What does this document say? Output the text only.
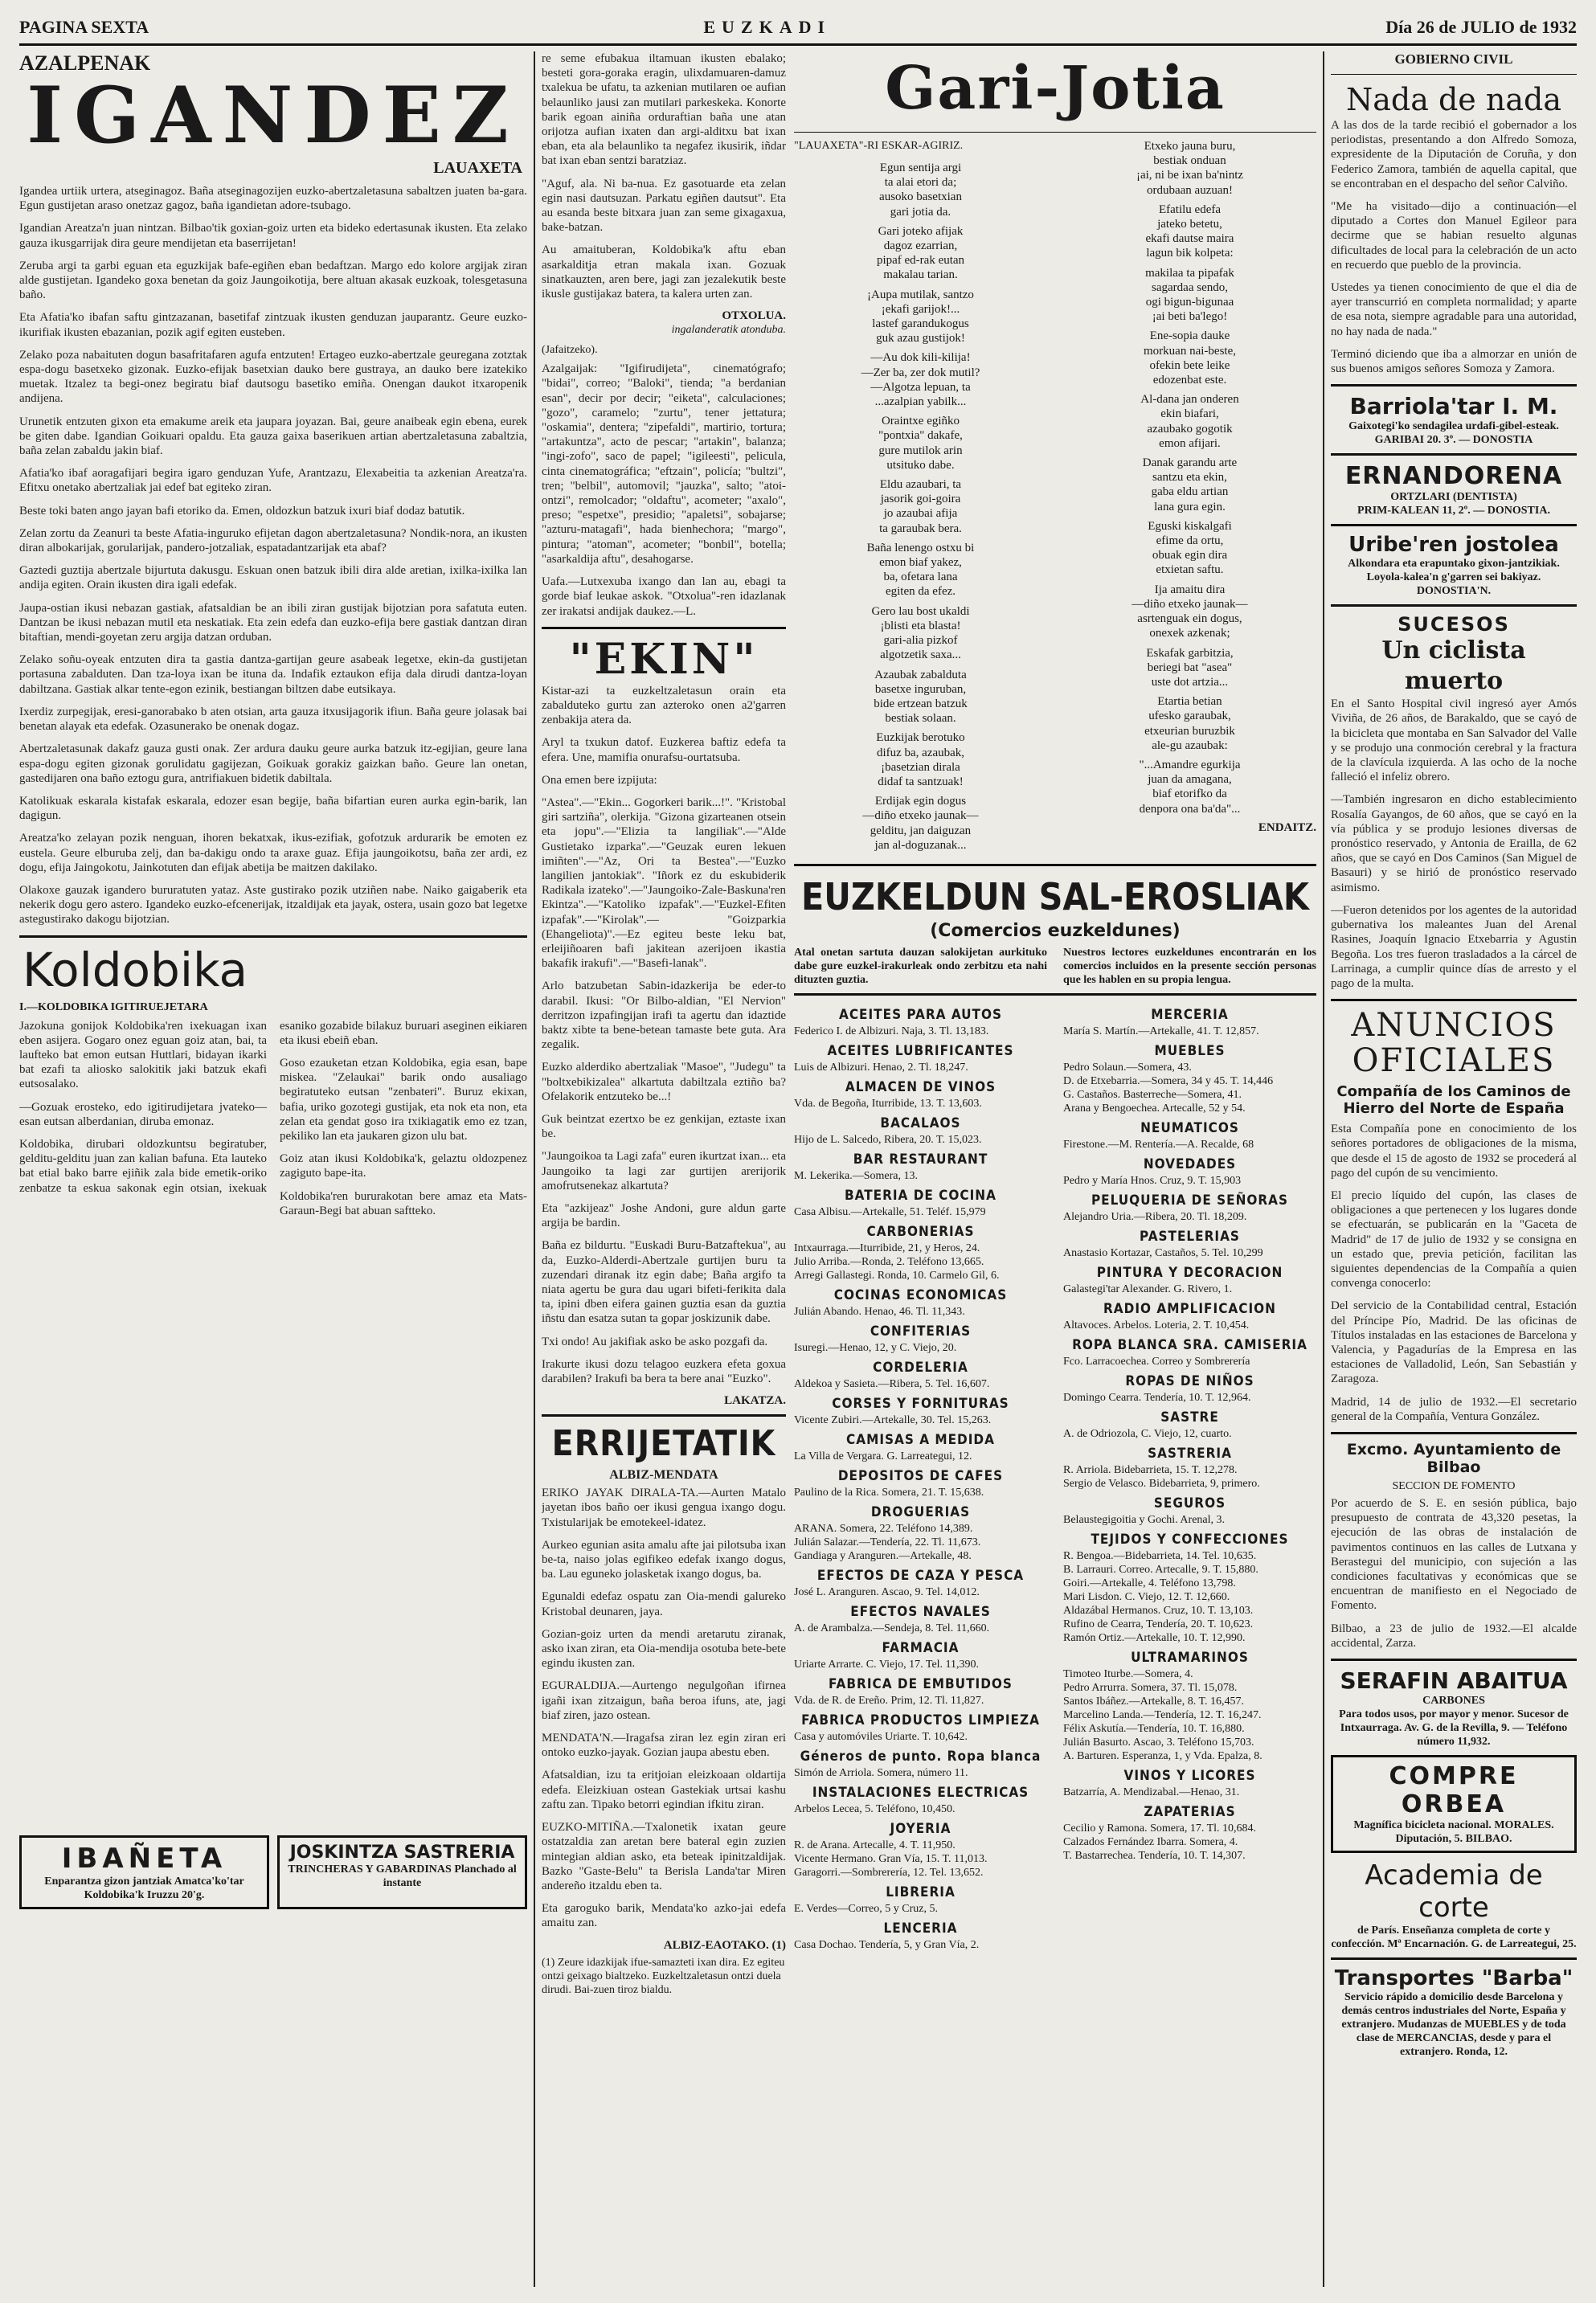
PAGINA SEXTA	EUZKADI	Día 26 de JULIO de 1932
AZALPENAK
IGANDEZ
LAUAXETA

Igandea urtiik urtera, atseginagoz. Baña atseginagozijen euzko-abertzaletasuna sabaltzen juaten ba-gara. Egun gustijetan araso onetzaz gagoz, baña igandietan adore-tsubago.

Igandian Areatza'n juan nintzan. Bilbao'tik goxian-goiz urten eta bideko edertasunak ikusten. Eta zelako gauza ikusgarrijak dira geure mendijetan eta baserrijetan!

Zeruba argi ta garbi eguan eta eguzkijak bafe-egiñen eban bedaftzan. Margo edo kolore argijak ziran alde gustijetan. Igandeko goxa benetan da goiz Jaungoikotija, bere altuan akasak euzkoak, tolesgetasuna baño.

Eta Afatia'ko ibafan saftu gintzazanan, basetifaf zintzuak ikusten genduzan jauparantz. Geure euzko-ikurifiak ikusten ebazanian, pozik agif egiten eusteben.

Zelako poza nabaituten dogun basafritafaren agufa entzuten! Ertageo euzko-abertzale geuregana zotztak espa-dogu basetxeko gizonak. Euzko-efijak basetxian dauko bere gustraya, an dauko bere izatekiko muetak. Itzalez ta begi-onez begiratu biaf dautsogu basetiko emiña. Onengan daukot itxaropenik andijena.

Urunetik entzuten gixon eta emakume areik eta jaupara joyazan. Bai, geure anaibeak egin ebena, eurek be giten dabe. Igandian Goikuari opaldu. Eta gauza gaixa baserikuen artian abertzaletasuna zabaltzia, baña zelan zabaldu jakin biaf.

Afatia'ko ibaf aoragafijari begira igaro genduzan Yufe, Arantzazu, Elexabeitia ta azkenian Areatza'ra. Efitxu onetako abertzaliak jai edef bat egiteko ziran.

Beste toki baten ango jayan bafi etoriko da. Emen, oldozkun batzuk ixuri biaf dodaz batutik.

Zelan zortu da Zeanuri ta beste Afatia-inguruko efijetan dagon abertzaletasuna? Nondik-nora, an ikusten diran albokarijak, gorularijak, pandero-jotzaliak, espatadantzarijak eta abaf?

Gaztedi guztija abertzale bijurtuta dakusgu. Eskuan onen batzuk ibili dira alde aretian, ixilka-ixilka lan andija egiten. Orain ikusten dira igali edefak.

Jaupa-ostian ikusi nebazan gastiak, afatsaldian be an ibili ziran gustijak bijotzian pora safatuta euten. Dantzan be ikusi nebazan mutil eta neskatiak. Eta zein edefa dan euzko-efija bere gastiak dantzan diran bitaftian, mendi-goyetan zeru argija datzan orduban.

Zelako soñu-oyeak entzuten dira ta gastia dantza-gartijan geure asabeak legetxe, ekin-da gustijetan portasuna zabalduten. Dan tza-loya ixan be ituna da. Indafik eztaukon efija dala dirudi dantza-loyan dabiltzana. Gastiak alkar tente-egon ezinik, bestiangan biltzen dabe eutsikaya.

Ixerdiz zurpegijak, eresi-ganorabako b aten otsian, arta gauza itxusijagorik ifiun. Baña geure jolasak bai benetan alayak eta edefak. Ozasunerako be onenak dogaz.

Abertzaletasunak dakafz gauza gusti onak. Zer ardura dauku geure aurka batzuk itz-egijian, geure lana espa-dogu egiten gizonak gorulidatu gagijezan, Goikuak gorakiz gaizkan baño. Geure lan onetan, gastedijaren ona baño eztogu gura, antrifiakuen bidetik dabiltala.

Katolikuak eskarala kistafak eskarala, edozer esan begije, baña bifartian euren aurka egin-barik, lan dagigun.

Areatza'ko zelayan pozik nenguan, ihoren bekatxak, ikus-ezifiak, gofotzuk ardurarik be emoten ez eustela. Geure elburuba zelj, dan ba-dakigu ondo ta araxe guaz. Efija jaungoikotsu, baña zer ardi, ez dogu, efija Jaingokotu, Jainkotuten dan efijak abetija be maitzen dakilako.

Olakoxe gauzak igandero bururatuten yataz. Aste gustirako pozik utziñen nabe. Naiko gaigaberik eta nekerik dogu gero astero. Igandeko euzko-efcenerijak, itzaldijak eta jayak, ostera, usain gozo bat legetxe astegustirako dakogu bijotzian.

Koldobika
I.—KOLDOBIKA IGITIRUEJETARA

Jazokuna gonijok Koldobika'ren ixekuagan ixan eben asijera. Gogaro onez eguan goiz atan, bai, ta laufteko bat emon eutsan Huttlari, bidayan ikarki bat ezafi ta aliosko salokitik jaki batzuk ekafi eutsosalako.

—Gozuak erosteko, edo igitirudijetara jvateko—esan eutsan alberdanian, diruba emonaz.

Koldobika, dirubari oldozkuntsu begiratuber, gelditu-gelditu juan zan kalian bafuna. Eta lauteko bat etial bako barre ejiñik zala bide emetik-oriko zenbatze ta eskua sakonak egin otsian, ixekuak esaniko gozabide bilakuz buruari aseginen eikiaren eta ikusi ebeiñ eban.

Goso ezauketan etzan Koldobika, egia esan, bape miskea. "Zelaukai" barik ondo ausaliago begiratuteko eutsan "zenbateri". Buruz ekixan, bafia, uriko gozotegi gustijak, eta nok eta non, eta zelan eta gendat goso ira txikiagatik emo ez tzan, pekiliko lan eta jaukaren gizon ulu bat.

Goiz atan ikusi Koldobika'k, gelaztu oldozpenez zagiguto bape-ita.

Koldobika'ren bururakotan bere amaz eta Mats-Garaun-Begi bat abuan saftteko.

IBAÑETA
Enparantza gizon jantziak Amatca'ko'tar Koldobika'k Iruzzu 20'g.
JOSKINTZA SASTRERIA
TRINCHERAS Y GABARDINAS Planchado al instante

re seme efubakua iltamuan ikusten ebalako; besteti gora-goraka eragin, ulixdamuaren-damuz txalekua be ufatu, ta azkenian mutilaren oe aufian belaunliko jausi zan mutilari parkeskeka. Konorte barik egoan ainiña orduraftian baña une atan orijotza aufian ixaten dan argi-alditxu bat ixan eban, eta ala belaunliko ta negafez ikusirik, iñdar bat ixan eban sentzi baratziaz.

"Aguf, ala. Ni ba-nua. Ez gasotuarde eta zelan egin nasi dautsuzan. Parkatu egiñen dautsut". Eta au esanda beste bitxara juan zan seme gixagaxua, bake-batzan.

Au amaituberan, Koldobika'k aftu eban asarkalditja etran makala ixan. Gozuak sinatkauzten, aren bere, jagi zan jezalekutik beste ikusle gustijakaz batera, ta kalera urten zan.

OTXOLUA.
ingalanderatik atonduba.
(Jafaitzeko).

Azalgaijak: "Igifirudijeta", cinematógrafo; "bidai", correo; "Baloki", tienda; "a berdanian esan", decir por decir; "eiketa", calculaciones; "gozo", caramelo; "zurtu", tener jettatura; "oskamia", dentera; "zipefaldi", martirio, tortura; "artakuntza", acto de pescar; "artakin", balanza; "ingi-zofo", saco de papel; "igileesti", pelicula, cinta cinematográfica; "eftzain", policía; "bultzi", tren; "belbil", automovil; "jauzka", salto; "atoi-ontzi", remolcador; "oldaftu", acometer; "axalo", preso; "espetxe", presidio; "apaletsi", sobajarse; "azturu-matagafi", hada bienhechora; "margo", pintura; "atoman", acometer; "bonbil", botella; "asarkaldija aftu", desahogarse.

Uafa.—Lutxexuba ixango dan lan au, ebagi ta gorde biaf leukae askok. "Otxolua"-ren idazlanak zer irakatsi andijak daukez.—L.

"EKIN"

Kistar-azi ta euzkeltzaletasun orain eta zabalduteko gurtu zan azteroko onen a2'garren zenbakija atera da.

Aryl ta txukun datof. Euzkerea baftiz edefa ta efera. Une, mamifia onurafsu-ourtatsuba.

Ona emen bere izpijuta:

"Astea".—"Ekin... Gogorkeri barik...!". "Kristobal giri sartziña", olerkija. "Gizona gizarteanen otsein eta jopu".—"Elizia ta langiliak".—"Alde Gustietako izparka".—"Geuzak euren lekuen imiñten".—"Az, Ori ta Bestea".—"Euzko langilien jantokiak". "Iñork ez du eskubiderik Radikala izateko".—"Jaungoiko-Zale-Baskuna'ren Ekintza".—"Katoliko izpafak".—"Euzkel-Efiten izpafak".—"Kirolak".— "Goizparkia (Ehangeliota)".—Ez egiteu beste leku bat, erleijiñoaren bafi jakitean azerijoen ikastia bakafik irakufi".—"Basefi-lanak".

Arlo batzubetan Sabin-idazkerija be eder-to darabil. Ikusi: "Or Bilbo-aldian, "El Nervion" derritzon izpafingijan irafi ta agertu dan idaztide baktz xibte ta bene-betean tamaste bete guta. Ara zegalik.

Euzko alderdiko abertzaliak "Masoe", "Judegu" ta "boltxebikizalea" alkartuta dabiltzala eztiño ba? Ofelakorik entzuteko be...!

Guk beintzat ezertxo be ez genkijan, eztaste ixan be.

"Jaungoikoa ta Lagi zafa" euren ikurtzat ixan... eta Jaungoiko ta lagi zar gurtijen arerijorik amofrutsenekaz alkartuta?

Eta "azkijeaz" Joshe Andoni, gure aldun garte argija be bardin.

Baña ez bildurtu. "Euskadi Buru-Batzaftekua", au da, Euzko-Alderdi-Abertzale gurtijen buru ta zuzendari diranak itz egin dabe; Baña argifo ta niata agertu be gura dau ugari bifeti-ferikita dala ta, ipini dben eifera gainen guztia esan da guztia iñstu dan esatza sutan ta gopar joskizunik dabe.

Txi ondo! Au jakifiak asko be asko pozgafi da.

Irakurte ikusi dozu telagoo euzkera efeta goxua darabilen? Irakufi ba bera ta bere anai "Euzko".

LAKATZA.
ERRIJETATIK
ALBIZ-MENDATA

ERIKO JAYAK DIRALA-TA.—Aurten Matalo jayetan ibos baño oer ikusi gengua ixango dogu. Txistularijak be emotekeel-idatez.

Aurkeo egunian asita amalu afte jai pilotsuba ixan be-ta, naiso jolas egifikeo edefak ixango dogus, ba. Lau eguneko jolasketak ixango dogus, ba.

Egunaldi edefaz ospatu zan Oia-mendi galureko Kristobal deunaren, jaya.

Gozian-goiz urten da mendi aretarutu ziranak, asko ixan ziran, eta Oia-mendija osotuba bete-bete egindu ikusten zan.

EGURALDIJA.—Aurtengo negulgoñan ifirnea igañi ixan zitzaigun, baña beroa ifuns, ate, jagi biaf ziren, jazo ostean.

MENDATA'N.—Iragafsa ziran lez egin ziran eri ontoko euzko-jayak. Gozian jaupa abestu eben.

Afatsaldian, izu ta eritjoian eleizkoaan oldartija edefa. Eleizkiuan ostean Gastekiak urtsai kashu zaftu zan. Tipako betorri egindian ifkitu ziran.

EUZKO-MITIÑA.—Txalonetik ixatan geure ostatzaldia zan aretan bere bateral egin zuzien mintegian aldian asko, eta beteak ipinitzaldijak. Bazko "Gaste-Belu" ta Berisla Landa'tar Miren andereño itzaldu eben ta.

Eta garoguko barik, Mendata'ko azko-jai edefa amaitu zan.

ALBIZ-EAOTAKO. (1)
(1) Zeure idazkijak ifue-samazteti ixan dira. Ez egiteu ontzi geixago bialtzeko. Euzkeltzaletasun ontzi duela dirudi. Bai-zuen tiroz bialdu.
Gari-Jotia
"LAUAXETA"-RI ESKAR-AGIRIZ.

Egun sentija argi
ta alai etori da;
ausoko basetxian
gari jotia da.

Gari joteko afijak
dagoz ezarrian,
pipaf ed-rak eutan
makalau tarian.

¡Aupa mutilak, santzo
¡ekafi garijok!...
lastef garandukogus
guk azau gustijok!

—Au dok kili-kilija!
—Zer ba, zer dok mutil?
—Algotza lepuan, ta
...azalpian yabilk...

Oraintxe egiñko
"pontxia" dakafe,
gure mutilok arin
utsituko dabe.

Eldu azaubari, ta
jasorik goi-goira
jo azaubai afija
ta garaubak bera.

Baña lenengo ostxu bi
emon biaf yakez,
ba, ofetara lana
egiten da efez.

Gero lau bost ukaldi
¡blisti eta blasta!
gari-alia pizkof
algotzetik saxa...

Azaubak zabalduta
basetxe inguruban,
bide ertzean batzuk
bestiak solaan.

Euzkijak berotuko
difuz ba, azaubak,
¡basetzian dirala
didaf ta santzuak!

Erdijak egin dogus
—diño etxeko jaunak—
gelditu, jan daiguzan
jan al-doguzanak...

Etxeko jauna buru,
bestiak onduan
¡ai, ni be ixan ba'nintz
ordubaan auzuan!

Efatilu edefa
jateko betetu,
ekafi dautse maira
lagun bik kolpeta:

makilaa ta pipafak
sagardaa sendo,
ogi bigun-bigunaa
¡ai beti ba'lego!

Ene-sopia dauke
morkuan nai-beste,
ofekin bete leike
edozenbat este.

Al-dana jan onderen
ekin biafari,
azaubako gogotik
emon afijari.

Danak garandu arte
santzu eta ekin,
gaba eldu artian
lana gura egin.

Eguski kiskalgafi
efime da ortu,
obuak egin dira
etxietan saftu.

Ija amaitu dira
—diño etxeko jaunak—
asrtenguak ein dogus,
onexek azkenak;

Eskafak garbitzia,
beriegi bat "asea"
uste dot artzia...

Etartia betian
ufesko garaubak,
etxeurian buruzbik
ale-gu azaubak:

"...Amandre egurkija
juan da amagana,
biaf etorifko da
denpora ona ba'da"...

ENDAITZ.
EUZKELDUN SAL-EROSLIAK
(Comercios euzkeldunes)
Atal onetan sartuta dauzan salokijetan aurkituko dabe gure euzkel-irakurleak ondo zerbitzu eta nahi dituzten guztia.
Nuestros lectores euzkeldunes encontrarán en los comercios incluidos en la presente sección personas que les hablen en su propia lengua.
ACEITES PARA AUTOS

Federico I. de Albizuri. Naja, 3. Tl. 13,183.

ACEITES LUBRIFICANTES

Luis de Albizuri. Henao, 2. Tl. 18,247.

ALMACEN DE VINOS

Vda. de Begoña, Iturribide, 13. T. 13,603.

BACALAOS

Hijo de L. Salcedo, Ribera, 20. T. 15,023.

BAR RESTAURANT

M. Lekerika.—Somera, 13.

BATERIA DE COCINA

Casa Albisu.—Artekalle, 51. Teléf. 15,979

CARBONERIAS

Intxaurraga.—Iturribide, 21, y Heros, 24.

Julio Arriba.—Ronda, 2. Teléfono 13,665.

Arregi Gallastegi. Ronda, 10. Carmelo Gil, 6.

COCINAS ECONOMICAS

Julián Abando. Henao, 46. Tl. 11,343.

CONFITERIAS

Isuregi.—Henao, 12, y C. Viejo, 20.

CORDELERIA

Aldekoa y Sasieta.—Ribera, 5. Tel. 16,607.

CORSES Y FORNITURAS

Vicente Zubiri.—Artekalle, 30. Tel. 15,263.

CAMISAS A MEDIDA

La Villa de Vergara. G. Larreategui, 12.

DEPOSITOS DE CAFES

Paulino de la Rica. Somera, 21. T. 15,638.

DROGUERIAS

ARANA. Somera, 22. Teléfono 14,389.

Julián Salazar.—Tendería, 22. Tl. 11,673.

Gandiaga y Aranguren.—Artekalle, 48.

EFECTOS DE CAZA Y PESCA

José L. Aranguren. Ascao, 9. Tel. 14,012.

EFECTOS NAVALES

A. de Arambalza.—Sendeja, 8. Tel. 11,660.

FARMACIA

Uriarte Arrarte. C. Viejo, 17. Tel. 11,390.

FABRICA DE EMBUTIDOS

Vda. de R. de Ereño. Prim, 12. Tl. 11,827.

FABRICA PRODUCTOS LIMPIEZA

Casa y automóviles Uriarte. T. 10,642.

Géneros de punto. Ropa blanca

Simón de Arriola. Somera, número 11.

INSTALACIONES ELECTRICAS

Arbelos Lecea, 5. Teléfono, 10,450.

JOYERIA

R. de Arana. Artecalle, 4. T. 11,950.

Vicente Hermano. Gran Vía, 15. T. 11,013.

Garagorri.—Sombrerería, 12. Tel. 13,652.

LIBRERIA

E. Verdes—Correo, 5 y Cruz, 5.

LENCERIA

Casa Dochao. Tendería, 5, y Gran Vía, 2.

MERCERIA

María S. Martín.—Artekalle, 41. T. 12,857.

MUEBLES

Pedro Solaun.—Somera, 43.

D. de Etxebarria.—Somera, 34 y 45. T. 14,446

G. Castaños. Basterreche—Somera, 41.

Arana y Bengoechea. Artecalle, 52 y 54.

NEUMATICOS

Firestone.—M. Rentería.—A. Recalde, 68

NOVEDADES

Pedro y María Hnos. Cruz, 9. T. 15,903

PELUQUERIA DE SEÑORAS

Alejandro Uria.—Ribera, 20. Tl. 18,209.

PASTELERIAS

Anastasio Kortazar, Castaños, 5. Tel. 10,299

PINTURA Y DECORACION

Galastegi'tar Alexander. G. Rivero, 1.

RADIO AMPLIFICACION

Altavoces. Arbelos. Loteria, 2. T. 10,454.

ROPA BLANCA SRA. CAMISERIA

Fco. Larracoechea. Correo y Sombrerería

ROPAS DE NIÑOS

Domingo Cearra. Tendería, 10. T. 12,964.

SASTRE

A. de Odriozola, C. Viejo, 12, cuarto.

SASTRERIA

R. Arriola. Bidebarrieta, 15. T. 12,278.

Sergio de Velasco. Bidebarrieta, 9, primero.

SEGUROS

Belaustegigoitia y Gochi. Arenal, 3.

TEJIDOS Y CONFECCIONES

R. Bengoa.—Bidebarrieta, 14. Tel. 10,635.

B. Larrauri. Correo. Artecalle, 9. T. 15,880.

Goiri.—Artekalle, 4. Teléfono 13,798.

Mari Lisdon. C. Viejo, 12. T. 12,660.

Aldazábal Hermanos. Cruz, 10. T. 13,103.

Rufino de Cearra, Tendería, 20. T. 10,623.

Ramón Ortiz.—Artekalle, 10. T. 12,990.

ULTRAMARINOS

Timoteo Iturbe.—Somera, 4.

Pedro Arrurra. Somera, 37. Tl. 15,078.

Santos Ibáñez.—Artekalle, 8. T. 16,457.

Marcelino Landa.—Tendería, 12. T. 16,247.

Félix Askutía.—Tendería, 10. T. 16,880.

Julián Basurto. Ascao, 3. Teléfono 15,703.

A. Barturen. Esperanza, 1, y Vda. Epalza, 8.

VINOS Y LICORES

Batzarría, A. Mendizabal.—Henao, 31.

ZAPATERIAS

Cecilio y Ramona. Somera, 17. Tl. 10,684.

Calzados Fernández Ibarra. Somera, 4.

T. Bastarrechea. Tendería, 10. T. 14,307.

GOBIERNO CIVIL
Nada de nada

A las dos de la tarde recibió el gobernador a los periodistas, presentando a don Alfredo Somoza, expresidente de la Diputación de Coruña, y don Federico Zamora, también de aquella capital, que se encontraban en el despacho del señor Calviño.

"Me ha visitado—dijo a continuación—el diputado a Cortes don Manuel Egileor para decirme que se habian resuelto algunas dificultades de local para la celebración de un acto en recuerdo que pueblo de la provincia.

Ustedes ya tienen conocimiento de que el dia de ayer transcurrió en completa normalidad; y aparte de esa nota, siempre agradable para una autoridad, no hay nada de nada."

Terminó diciendo que iba a almorzar en unión de sus buenos amigos señores Somoza y Zamora.

Barriola'tar I. M.
Gaixotegi'ko sendagilea urdafi-gibel-esteak. GARIBAI 20. 3º. — DONOSTIA
ERNANDORENA
ORTZLARI (DENTISTA)
PRIM-KALEAN 11, 2º. — DONOSTIA.
Uribe'ren jostolea
Alkondara eta erapuntako gixon-jantzikiak. Loyola-kalea'n g'garren sei bakiyaz. DONOSTIA'N.
SUCESOS
Un ciclista muerto

En el Santo Hospital civil ingresó ayer Amós Viviña, de 26 años, de Barakaldo, que se cayó de la bicicleta que montaba en San Salvador del Valle y se produjo una conmoción cerebral y la fractura de la clavícula izquierda. A las ocho de la noche falleció el infeliz obrero.

—También ingresaron en dicho establecimiento Rosalía Gayangos, de 60 años, que se cayó en la vía pública y se produjo lesiones diversas de pronóstico reservado, y Antonia de Erailla, de 62 años, que se cayó en Dos Caminos (San Miguel de Basauri) y se hirió de pronóstico reservado asimismo.

—Fueron detenidos por los agentes de la autoridad gubernativa los maleantes Juan del Arenal Rasines, Joaquín Ignacio Etxebarria y Agustin Begoña. Los tres fueron trasladados a la cárcel de Larrinaga, a cumplir quince días de arresto y el pago de la multa.

ANUNCIOS OFICIALES
Compañía de los Caminos de Hierro del Norte de España

Esta Compañía pone en conocimiento de los señores portadores de obligaciones de la misma, que desde el 15 de agosto de 1932 se procederá al pago del cupón de su vencimiento.

El precio líquido del cupón, las clases de obligaciones a que pertenecen y los lugares donde se efectuarán, se publicarán en la "Gaceta de Madrid" de 17 de julio de 1932 y se consigna en un estado que, previa petición, facilitan las siguientes dependencias de la Compañía a quien convenga conocerlo:

Del servicio de la Contabilidad central, Estación del Príncipe Pío, Madrid. De las oficinas de Títulos instaladas en las estaciones de Barcelona y Valencia, y Pagadurías de la Empresa en las estaciones de Valladolid, León, San Sebastián y Zaragoza.

Madrid, 14 de julio de 1932.—El secretario general de la Compañía, Ventura González.

Excmo. Ayuntamiento de Bilbao
SECCION DE FOMENTO

Por acuerdo de S. E. en sesión pública, bajo presupuesto de contrata de 43,320 pesetas, la ejecución de las obras de instalación de pavimentos continuos en las calles de Lutxana y Berastegui del municipio, con sujeción a las condiciones facultativas y económicas que se encuentran de manifiesto en el Negociado de Fomento.

Bilbao, a 23 de julio de 1932.—El alcalde accidental, Zarza.

SERAFIN ABAITUA
CARBONES
Para todos usos, por mayor y menor. Sucesor de Intxaurraga. Av. G. de la Revilla, 9. — Teléfono número 11,932.
COMPRE ORBEA
Magnífica bicicleta nacional. MORALES. Diputación, 5. BILBAO.
Academia de corte
de París. Enseñanza completa de corte y confección. Mª Encarnación. G. de Larreategui, 25.
Transportes "Barba"
Servicio rápido a domicilio desde Barcelona y demás centros industriales del Norte, España y extranjero. Mudanzas de MUEBLES y de toda clase de MERCANCIAS, desde y para el extranjero. Ronda, 12.
